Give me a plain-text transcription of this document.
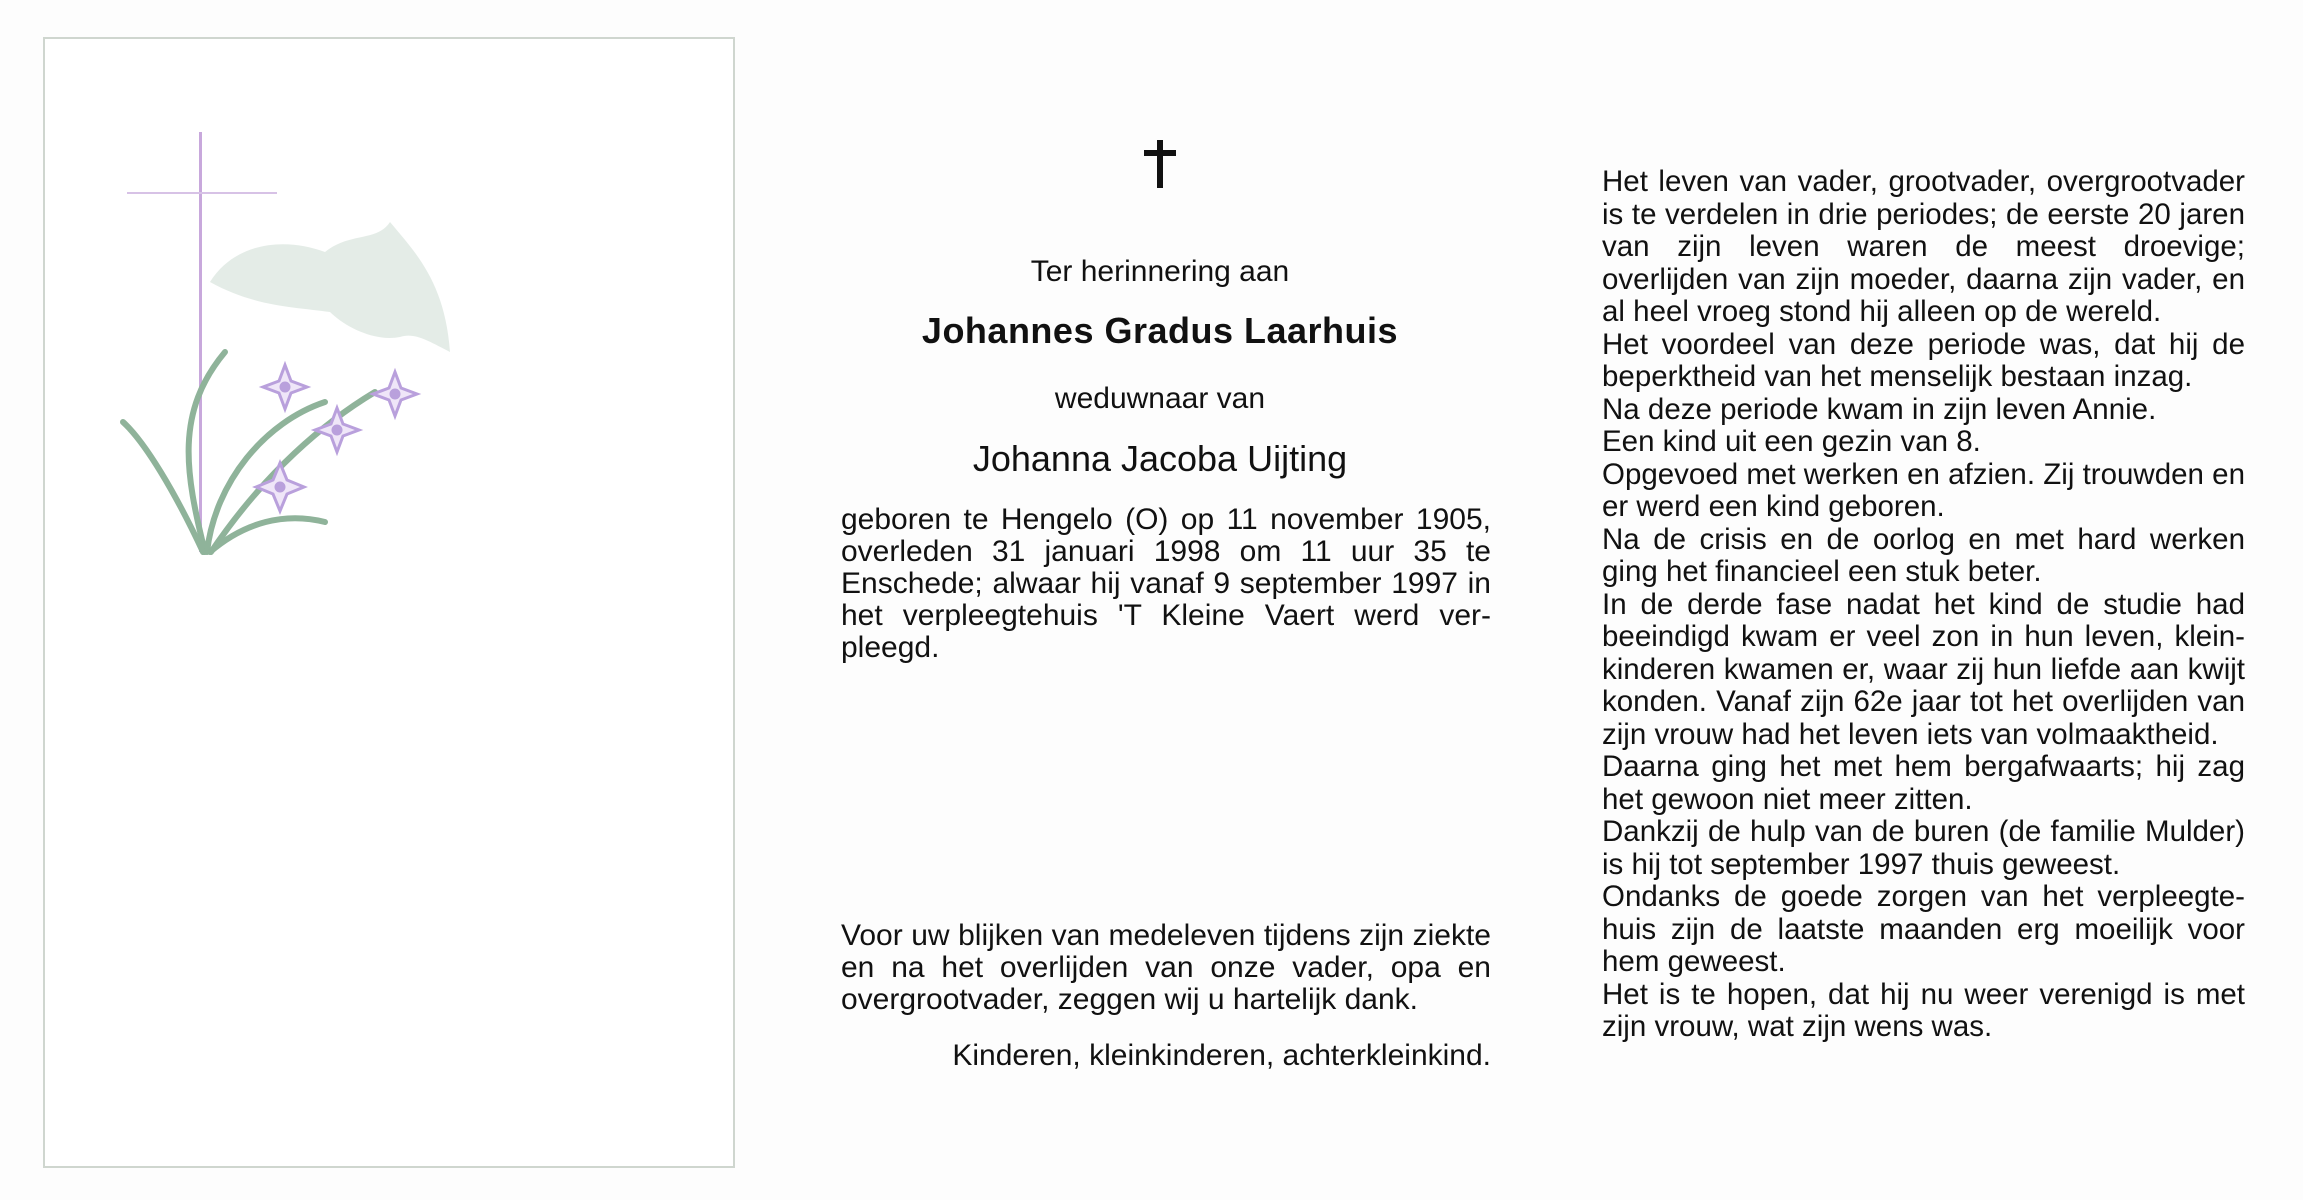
Ter herinnering aan
Johannes Gradus Laarhuis
weduwnaar van
Johanna Jacoba Uijting

geboren te Hengelo (O) op 11 november 1905, overleden 31 januari 1998 om 11 uur 35 te Enschede; alwaar hij vanaf 9 september 1997 in het verpleegtehuis 'T Kleine Vaert werd verpleegd.

Voor uw blijken van medeleven tijdens zijn ziekte en na het overlijden van onze vader, opa en overgrootvader, zeggen wij u hartelijk dank.

Kinderen, kleinkinderen, achterkleinkind.

Het leven van vader, grootvader, overgrootvader is te verdelen in drie periodes; de eerste 20 jaren van zijn leven waren de meest droevige; overlijden van zijn moeder, daarna zijn vader, en al heel vroeg stond hij alleen op de wereld.

Het voordeel van deze periode was, dat hij de beperktheid van het menselijk bestaan inzag.

Na deze periode kwam in zijn leven Annie.

Een kind uit een gezin van 8.

Opgevoed met werken en afzien. Zij trouwden en er werd een kind geboren.

Na de crisis en de oorlog en met hard werken ging het financieel een stuk beter.

In de derde fase nadat het kind de studie had beeindigd kwam er veel zon in hun leven, kleinkinderen kwamen er, waar zij hun liefde aan kwijt konden. Vanaf zijn 62e jaar tot het overlijden van zijn vrouw had het leven iets van volmaaktheid.

Daarna ging het met hem bergafwaarts; hij zag het gewoon niet meer zitten.

Dankzij de hulp van de buren (de familie Mulder) is hij tot september 1997 thuis geweest.

Ondanks de goede zorgen van het verpleegtehuis zijn de laatste maanden erg moeilijk voor hem geweest.

Het is te hopen, dat hij nu weer verenigd is met zijn vrouw, wat zijn wens was.
